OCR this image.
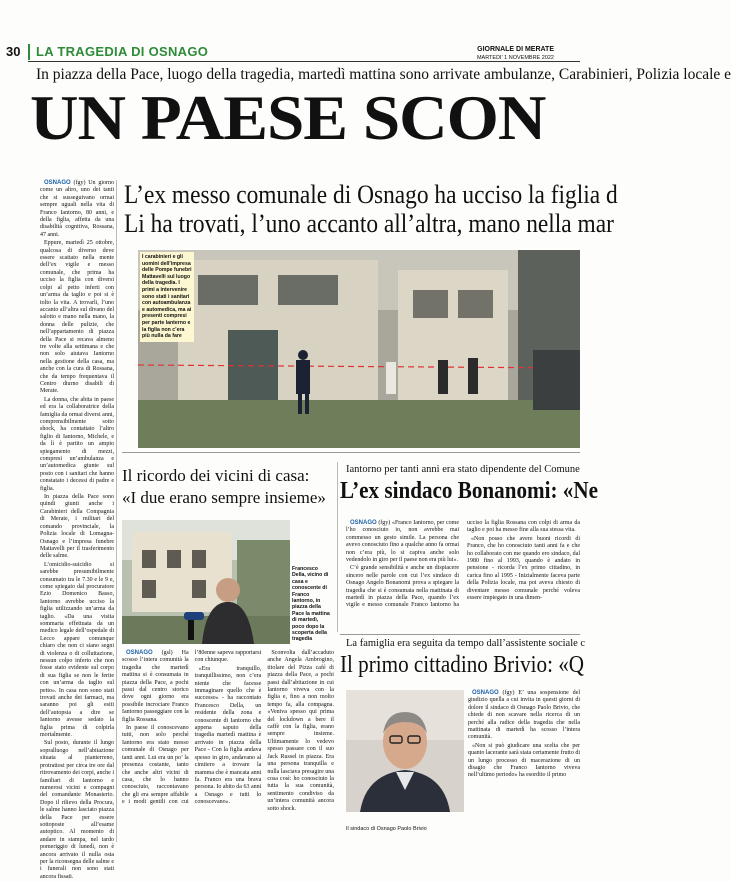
30 LA TRAGEDIA DI OSNAGO	GIORNALE DI MERATE
MARTEDI' 1 NOVEMBRE 2022
In piazza della Pace, luogo della tragedia, martedì mattina sono arrivate ambulanze, Carabinieri, Polizia locale e
UN PAESE SCON

OSNAGO (fgy) Un giorno come un altro, uno dei tanti che si susseguivano ormai sempre uguali nella vita di Franco Iantorno, 80 anni, e della figlia, affetta da una disabilità cognitiva, Rossana, 47 anni.

Eppure, martedì 25 ottobre, qualcosa di diverso deve essere scattato nella mente dell’ex vigile e messo comunale, che prima ha ucciso la figlia con diversi colpi al petto inferti con un’arma da taglio e poi si è tolto la vita. A trovarli, l’uno accanto all’altra sul divano del salotto e mano nella mano, la donna delle pulizie, che nell’appartamento di piazza della Pace si recava almeno tre volte alla settimana e che non solo aiutava Iantorno nella gestione della casa, ma anche con la cura di Rossana, che da tempo frequentava il Centro diurno disabili di Merate.

La donna, che abita in paese ed era la collaboratrice della famiglia da ormai diversi anni, comprensibilmente sotto shock, ha contattato l’altro figlio di Iantorno, Michele, e da lì è partito un ampio spiegamento di mezzi, compresi un’ambulanza e un’automedica giunte sul posto con i sanitari che hanno constatato i decessi di padre e figlia.

In piazza della Pace sono quindi giunti anche i Carabinieri della Compagnia di Merate, i militari del comando provinciale, la Polizia locale di Lomagna-Osnago e l’impresa funebre Mattavelli per il trasferimento delle salme.

L’omicidio-suicidio si sarebbe presumibilmente consumato tra le 7.30 e le 9 e, come spiegato dal procuratore Ezio Domenico Basso, Iantorno avrebbe ucciso la figlia utilizzando un’arma da taglio. «Da una visita sommaria effettuata da un medico legale dell’ospedale di Lecco appare comunque chiaro che non ci siano segni di violenza o di colluttazione, nessun colpo inferto che non fosse stato evidente sul corpo di sua figlia se non le ferite con un’arma da taglio sul petto». In casa non sono stati trovati anche dei farmaci, ma saranno poi gli esiti dell’autopsia a dire se Iantorno avesse sedato la figlia prima di colpirla mortalmente.

Sul posto, durante il lungo sopralluogo nell’abitazione situata al pianterreno, protrattosi per circa tre ore dal ritrovamento dei corpi, anche i familiari di Iantorno e numerosi vicini e compagni del comandante Monasterio. Dopo il rilievo della Procura, le salme hanno lasciato piazza della Pace per essere sottoposte all’esame autoptico. Al momento di andare in stampa, nel tardo pomeriggio di lunedì, non è ancora arrivato il nulla osta per la riconsegna delle salme e i funerali non sono stati ancora fissati.

L’ex messo comunale di Osnago ha ucciso la figlia d
Li ha trovati, l’uno accanto all’altra, mano nella mar
I carabinieri e gli uomini dell’impresa delle Pompe funebri Mattavelli sul luogo della tragedia. I primi a intervenire sono stati i sanitari con autoambulanza e automedica, ma ai presenti compresi per parte lanterno e la figlia non c’era più nulla da fare
Il ricordo dei vicini di casa:
«I due erano sempre insieme»
Francesco Della, vicino di casa e conoscente di Franco Iantorno, in piazza della Pace la mattina di martedì, poco dopo la scoperta della tragedia

OSNAGO (gsl) Ha scosso l’intera comunità la tragedia che martedì mattina si è consumata in piazza della Pace, a pochi passi dal centro storico dove ogni giorno era possibile incrociare Franco Iantorno passeggiare con la figlia Rossana.

In paese il conoscevano tutti, non solo perché Iantorno era stato messo comunale di Osnago per tanti anni. Lui era un po’ la presenza costante, tanto che anche altri vicini di casa, che lo hanno conosciuto, raccontavano che gli era sempre affabile e i modi gentili con cui l’80enne sapeva rapportarsi con chiunque.

«Era tranquillo, tranquillissimo, non c’era niente che facesse immaginare quello che è successo» - ha raccontato Francesco Della, un residente della zona e conoscente di Iantorno che appena saputo della tragedia martedì mattina è arrivato in piazza della Pace - Con la figlia andava spesso in giro, andavano al cimitero a trovare la mamma che è mancata anni fa. Franco era una brava persona. Io abito da 63 anni a Osnago e tutti lo conoscevano».

Sconvolta dall’accaduto anche Angela Ambrogino, titolare del Pizza café di piazza della Pace, a pochi passi dall’abitazione in cui Iantorno viveva con la figlia e, fino a non molto tempo fa, alla compagna. «Veniva spesso qui prima del lockdown a bere il caffè con la figlia, erano sempre insieme. Ultimamente lo vedevo spesso passare con il suo Jack Russel in piazza. Era una persona tranquilla e nulla lasciava presagire una cosa così: ho conosciuto la tutta la sua comunità, sentimento condiviso da un’intera comunità ancora sotto shock.

Iantorno per tanti anni era stato dipendente del Comune
L’ex sindaco Bonanomi: «Ne

OSNAGO (fgy) «Franco Iantorno, per come l’ho conosciuto io, non avrebbe mai commesso un gesto simile. La persona che avevo conosciuto fino a qualche anno fa ormai non c’era più, lo si capiva anche solo vedendolo in giro per il paese non era più lui».

C’è grande sensibilità e anche un dispiacere sincero nelle parole con cui l’ex sindaco di Osnago Angelo Bonanomi prova a spiegare la tragedia che si è consumata nella mattinata di martedì in piazza della Pace, quando l’ex vigile e messo comunale Franco Iantorno ha ucciso la figlia Rossana con colpi di arma da taglio e poi ha messo fine alla sua stessa vita.

«Non posso che avere buoni ricordi di Franco, che ho conosciuto tanti anni fa e che ho collaborato con me quando ero sindaco, dal 1980 fino al 1993, quando è andato in pensione - ricorda l’ex primo cittadino, in carica fino al 1995 - Inizialmente faceva parte della Polizia locale, ma poi aveva chiesto di diventare messo comunale perché voleva essere impiegato in una dimen-

La famiglia era seguita da tempo dall’assistente sociale c
Il primo cittadino Brivio: «Q
Il sindaco di Osnago Paolo Brivio

OSNAGO (fgy) E’ una sospensione del giudizio quella a cui invita in questi giorni di dolore il sindaco di Osnago Paolo Brivio, che chiede di non scavare nella ricerca di un perché alla radice della tragedia che nella mattinata di martedì ha scosso l’intera comunità.

«Non si può giudicare una scelta che per quanto lacerante sarà stata certamente frutto di un lungo processo di macerazione di un disagio che Franco Iantorno viveva nell’ultimo periodo» ha esordito il primo
